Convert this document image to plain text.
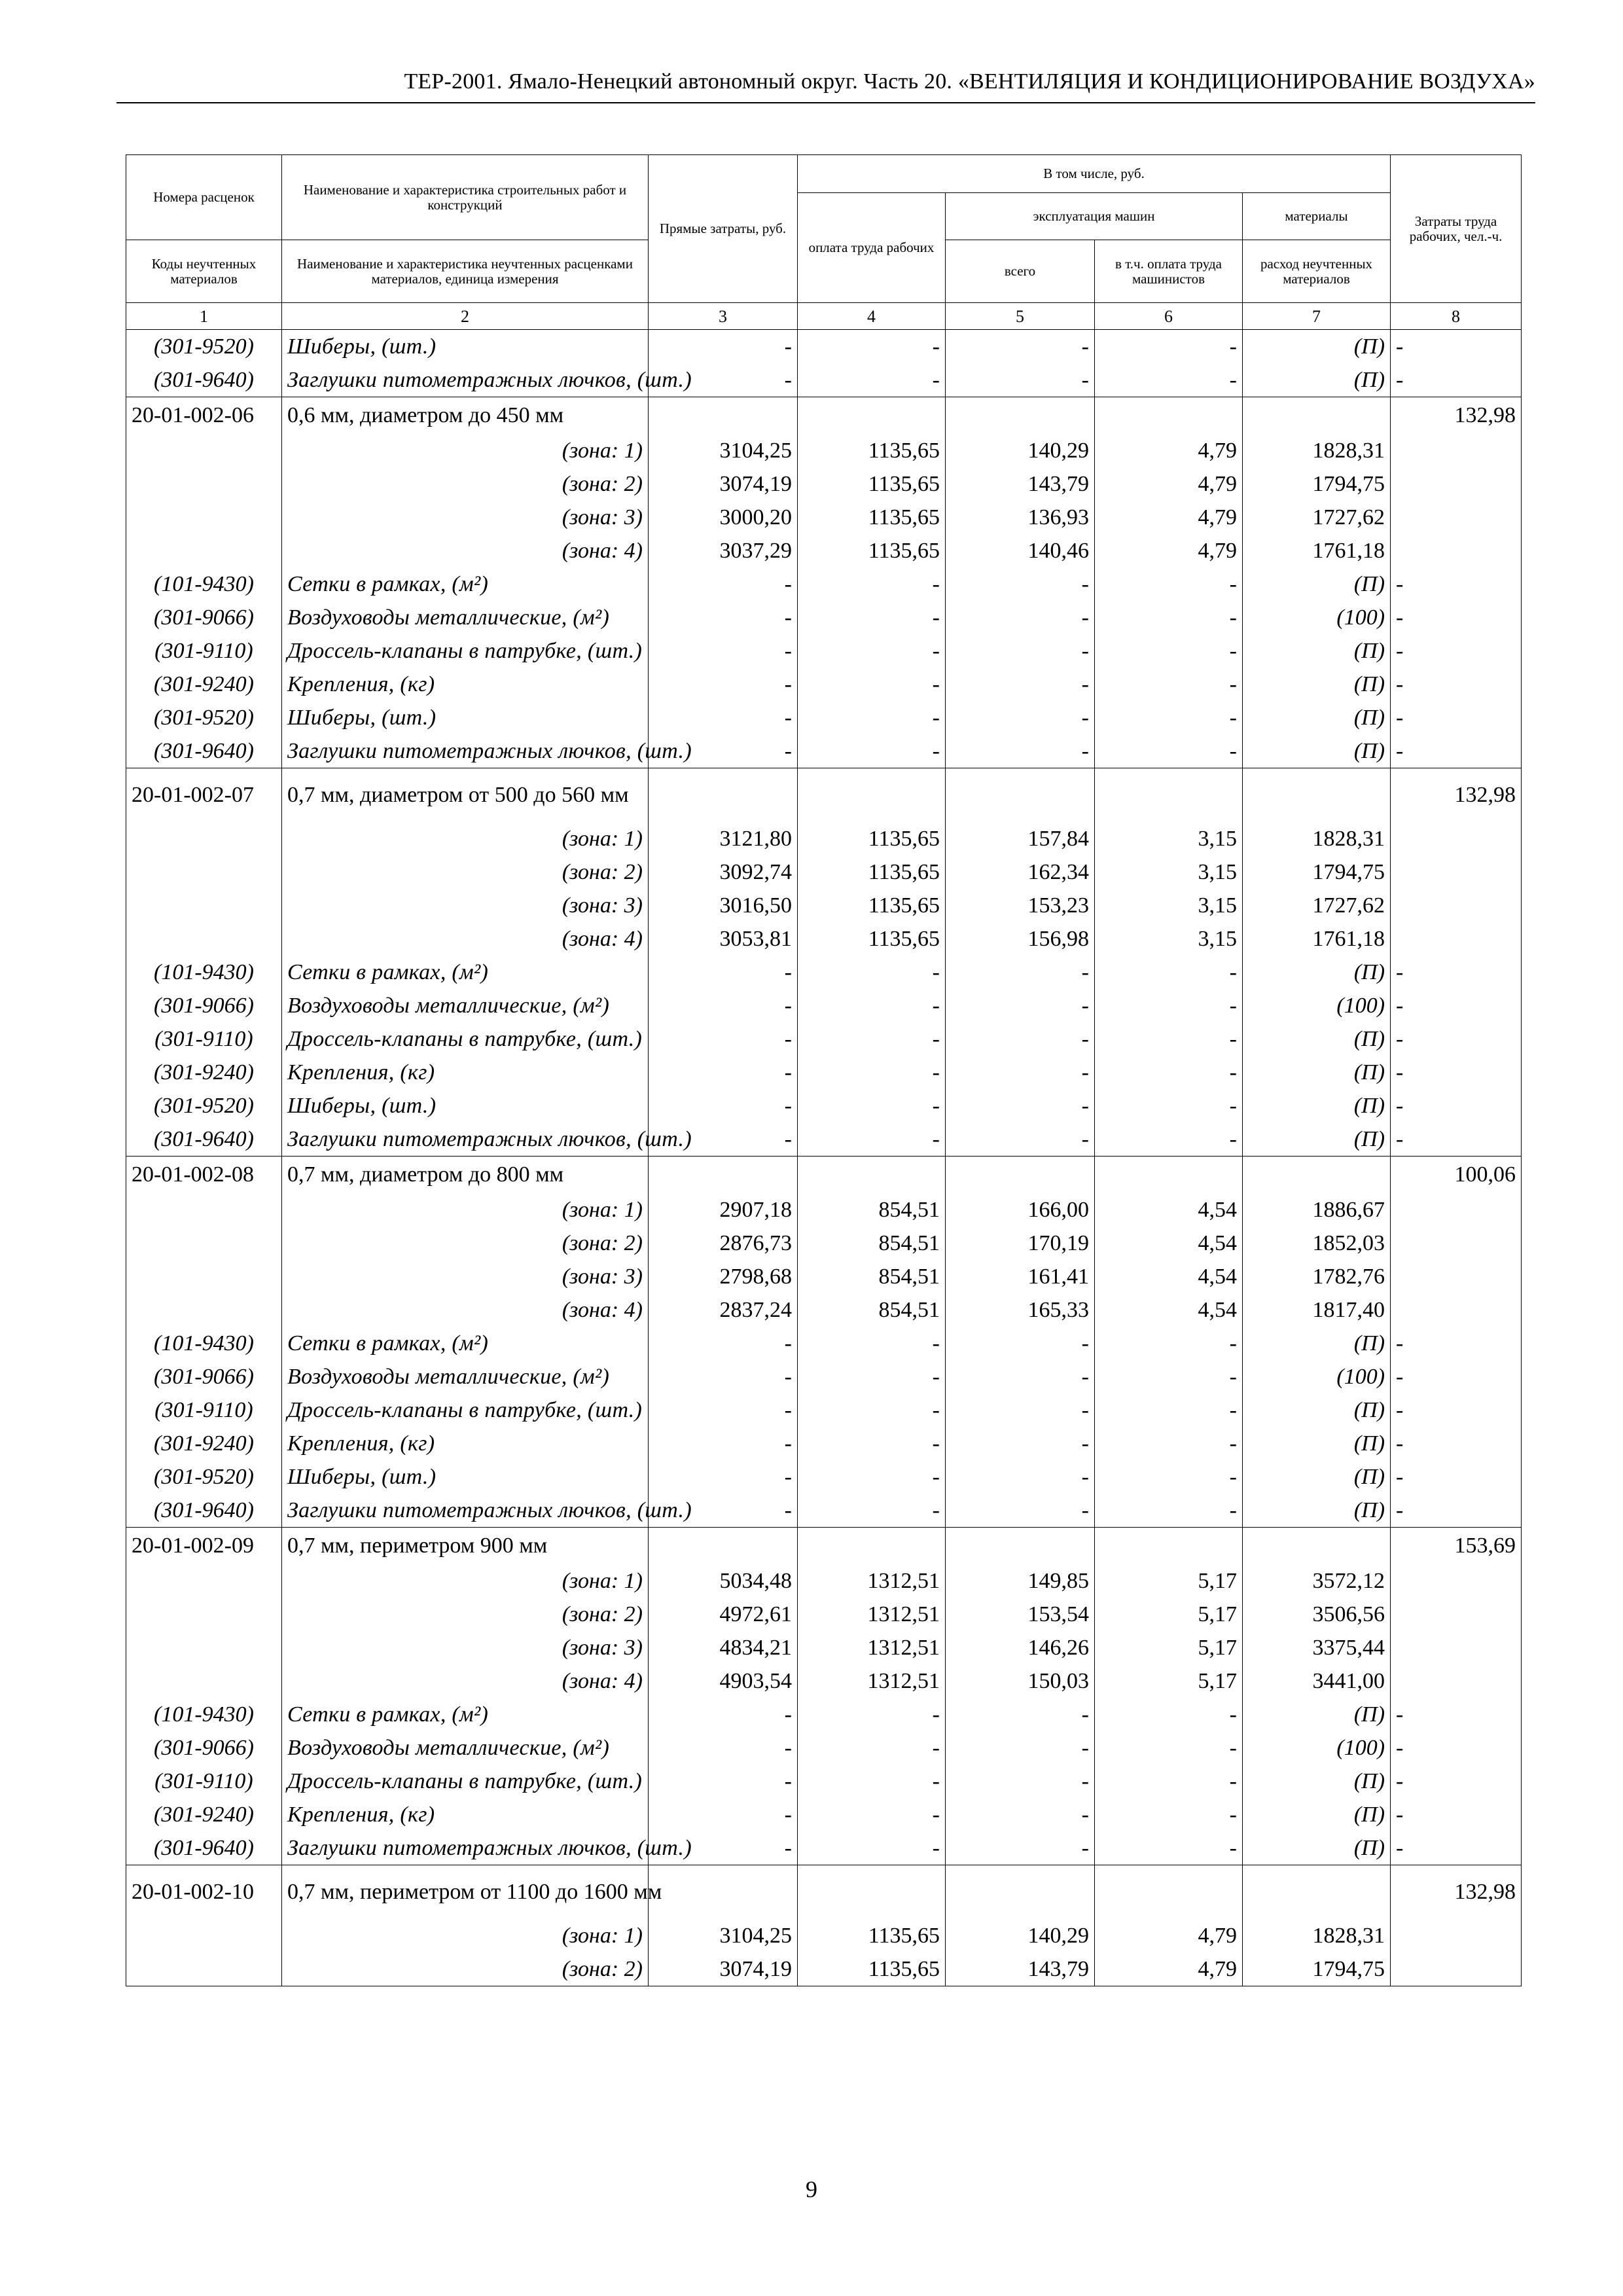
ТЕР-2001. Ямало-Ненецкий автономный округ. Часть 20. «ВЕНТИЛЯЦИЯ И КОНДИЦИОНИРОВАНИЕ ВОЗДУХА»
Номера расценок	Наименование и характеристика строительных работ и конструкций	Прямые затраты, руб.	В том числе, руб.				Затраты труда рабочих, чел.-ч.
			оплата труда рабочих	эксплуатация машин		материалы	
Коды неучтенных материалов	Наименование и характеристика неучтенных расценками материалов, единица измерения			всего	в т.ч. оплата труда машинистов	расход неучтенных материалов	
1	2	3	4	5	6	7	8
(301-9520)	Шиберы, (шт.)	-	-	-	-	(П)	-
(301-9640)	Заглушки питометражных лючков, (шт.)	-	-	-	-	(П)	-
20-01-002-06	0,6 мм, диаметром до 450 мм						132,98
	(зона: 1)	3104,25	1135,65	140,29	4,79	1828,31	
	(зона: 2)	3074,19	1135,65	143,79	4,79	1794,75	
	(зона: 3)	3000,20	1135,65	136,93	4,79	1727,62	
	(зона: 4)	3037,29	1135,65	140,46	4,79	1761,18	
(101-9430)	Сетки в рамках, (м²)	-	-	-	-	(П)	-
(301-9066)	Воздуховоды металлические, (м²)	-	-	-	-	(100)	-
(301-9110)	Дроссель-клапаны в патрубке, (шт.)	-	-	-	-	(П)	-
(301-9240)	Крепления, (кг)	-	-	-	-	(П)	-
(301-9520)	Шиберы, (шт.)	-	-	-	-	(П)	-
(301-9640)	Заглушки питометражных лючков, (шт.)	-	-	-	-	(П)	-
20-01-002-07	0,7 мм, диаметром от 500 до 560 мм						132,98
	(зона: 1)	3121,80	1135,65	157,84	3,15	1828,31	
	(зона: 2)	3092,74	1135,65	162,34	3,15	1794,75	
	(зона: 3)	3016,50	1135,65	153,23	3,15	1727,62	
	(зона: 4)	3053,81	1135,65	156,98	3,15	1761,18	
(101-9430)	Сетки в рамках, (м²)	-	-	-	-	(П)	-
(301-9066)	Воздуховоды металлические, (м²)	-	-	-	-	(100)	-
(301-9110)	Дроссель-клапаны в патрубке, (шт.)	-	-	-	-	(П)	-
(301-9240)	Крепления, (кг)	-	-	-	-	(П)	-
(301-9520)	Шиберы, (шт.)	-	-	-	-	(П)	-
(301-9640)	Заглушки питометражных лючков, (шт.)	-	-	-	-	(П)	-
20-01-002-08	0,7 мм, диаметром до 800 мм						100,06
	(зона: 1)	2907,18	854,51	166,00	4,54	1886,67	
	(зона: 2)	2876,73	854,51	170,19	4,54	1852,03	
	(зона: 3)	2798,68	854,51	161,41	4,54	1782,76	
	(зона: 4)	2837,24	854,51	165,33	4,54	1817,40	
(101-9430)	Сетки в рамках, (м²)	-	-	-	-	(П)	-
(301-9066)	Воздуховоды металлические, (м²)	-	-	-	-	(100)	-
(301-9110)	Дроссель-клапаны в патрубке, (шт.)	-	-	-	-	(П)	-
(301-9240)	Крепления, (кг)	-	-	-	-	(П)	-
(301-9520)	Шиберы, (шт.)	-	-	-	-	(П)	-
(301-9640)	Заглушки питометражных лючков, (шт.)	-	-	-	-	(П)	-
20-01-002-09	0,7 мм, периметром 900 мм						153,69
	(зона: 1)	5034,48	1312,51	149,85	5,17	3572,12	
	(зона: 2)	4972,61	1312,51	153,54	5,17	3506,56	
	(зона: 3)	4834,21	1312,51	146,26	5,17	3375,44	
	(зона: 4)	4903,54	1312,51	150,03	5,17	3441,00	
(101-9430)	Сетки в рамках, (м²)	-	-	-	-	(П)	-
(301-9066)	Воздуховоды металлические, (м²)	-	-	-	-	(100)	-
(301-9110)	Дроссель-клапаны в патрубке, (шт.)	-	-	-	-	(П)	-
(301-9240)	Крепления, (кг)	-	-	-	-	(П)	-
(301-9640)	Заглушки питометражных лючков, (шт.)	-	-	-	-	(П)	-
20-01-002-10	0,7 мм, периметром от 1100 до 1600 мм						132,98
	(зона: 1)	3104,25	1135,65	140,29	4,79	1828,31	
	(зона: 2)	3074,19	1135,65	143,79	4,79	1794,75	
9
